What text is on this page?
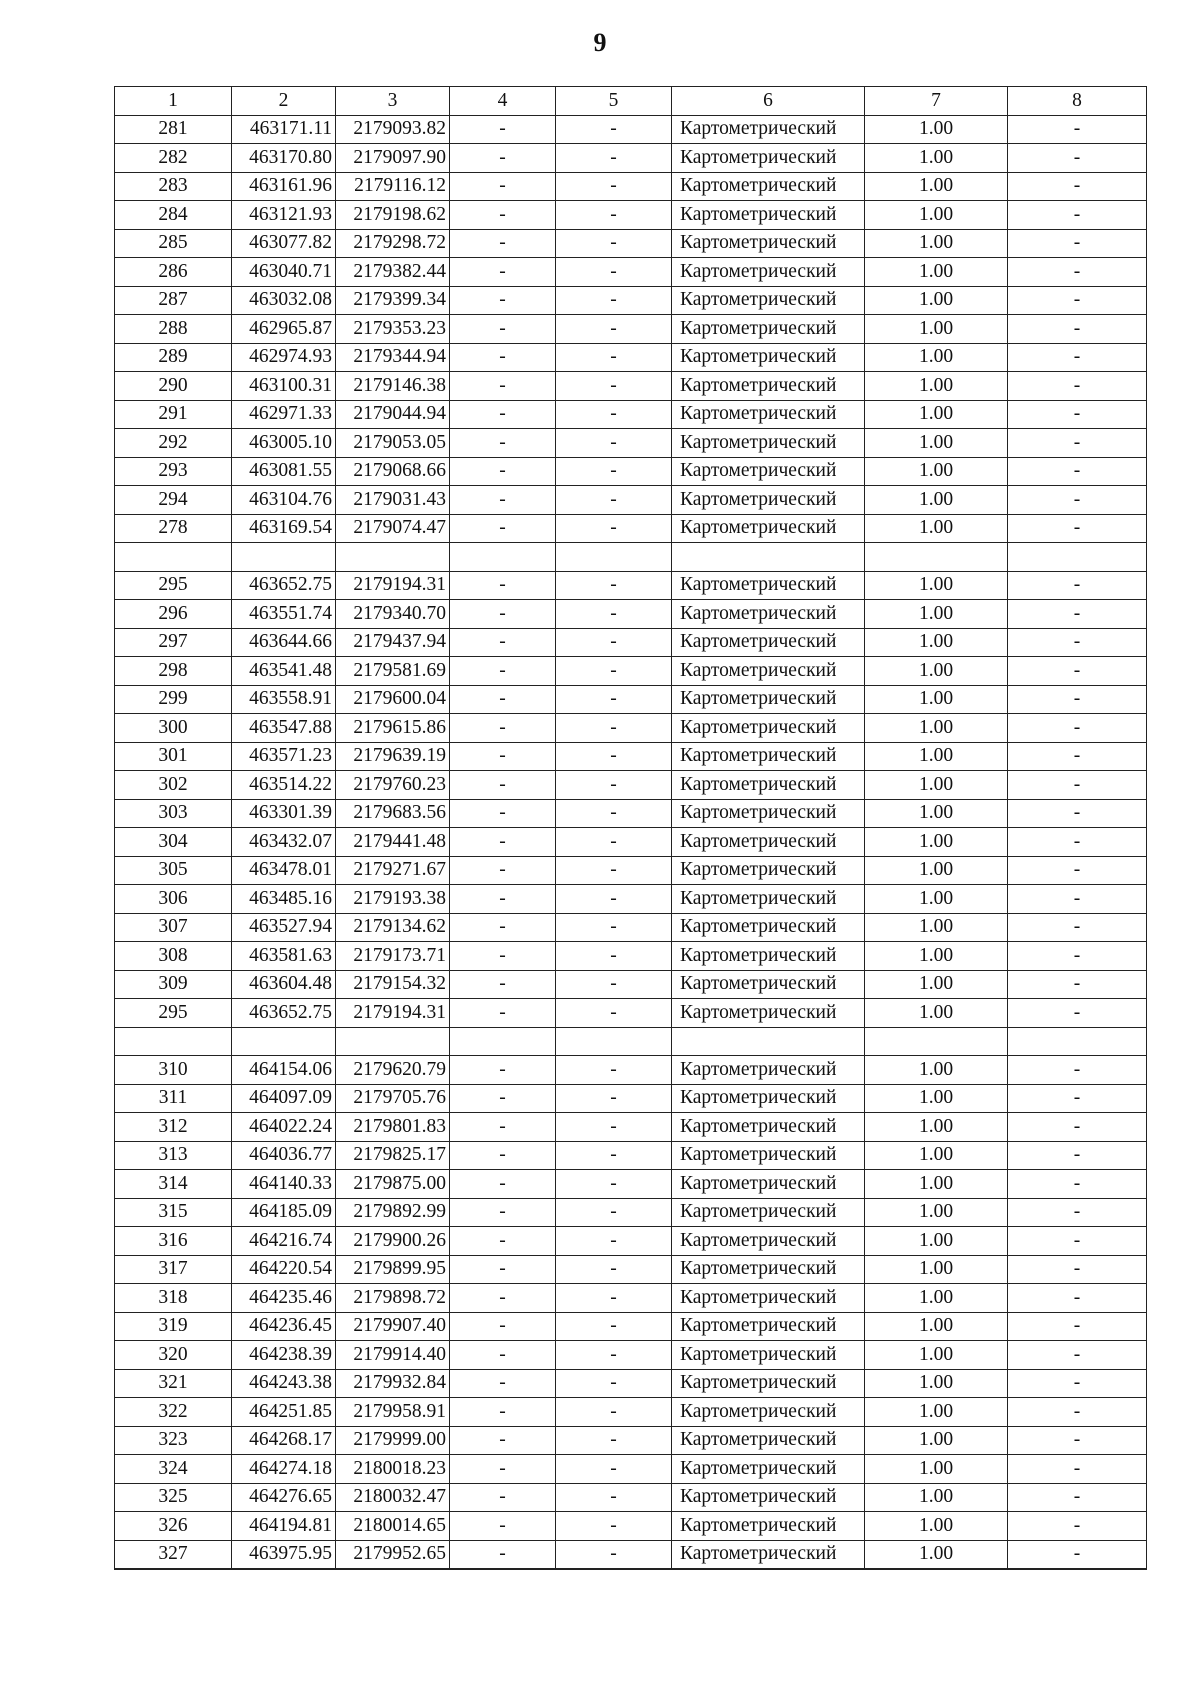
9
1	2	3	4	5	6	7	8
281	463171.11	2179093.82	-	-	Картометрический	1.00	-
282	463170.80	2179097.90	-	-	Картометрический	1.00	-
283	463161.96	2179116.12	-	-	Картометрический	1.00	-
284	463121.93	2179198.62	-	-	Картометрический	1.00	-
285	463077.82	2179298.72	-	-	Картометрический	1.00	-
286	463040.71	2179382.44	-	-	Картометрический	1.00	-
287	463032.08	2179399.34	-	-	Картометрический	1.00	-
288	462965.87	2179353.23	-	-	Картометрический	1.00	-
289	462974.93	2179344.94	-	-	Картометрический	1.00	-
290	463100.31	2179146.38	-	-	Картометрический	1.00	-
291	462971.33	2179044.94	-	-	Картометрический	1.00	-
292	463005.10	2179053.05	-	-	Картометрический	1.00	-
293	463081.55	2179068.66	-	-	Картометрический	1.00	-
294	463104.76	2179031.43	-	-	Картометрический	1.00	-
278	463169.54	2179074.47	-	-	Картометрический	1.00	-

295	463652.75	2179194.31	-	-	Картометрический	1.00	-
296	463551.74	2179340.70	-	-	Картометрический	1.00	-
297	463644.66	2179437.94	-	-	Картометрический	1.00	-
298	463541.48	2179581.69	-	-	Картометрический	1.00	-
299	463558.91	2179600.04	-	-	Картометрический	1.00	-
300	463547.88	2179615.86	-	-	Картометрический	1.00	-
301	463571.23	2179639.19	-	-	Картометрический	1.00	-
302	463514.22	2179760.23	-	-	Картометрический	1.00	-
303	463301.39	2179683.56	-	-	Картометрический	1.00	-
304	463432.07	2179441.48	-	-	Картометрический	1.00	-
305	463478.01	2179271.67	-	-	Картометрический	1.00	-
306	463485.16	2179193.38	-	-	Картометрический	1.00	-
307	463527.94	2179134.62	-	-	Картометрический	1.00	-
308	463581.63	2179173.71	-	-	Картометрический	1.00	-
309	463604.48	2179154.32	-	-	Картометрический	1.00	-
295	463652.75	2179194.31	-	-	Картометрический	1.00	-

310	464154.06	2179620.79	-	-	Картометрический	1.00	-
311	464097.09	2179705.76	-	-	Картометрический	1.00	-
312	464022.24	2179801.83	-	-	Картометрический	1.00	-
313	464036.77	2179825.17	-	-	Картометрический	1.00	-
314	464140.33	2179875.00	-	-	Картометрический	1.00	-
315	464185.09	2179892.99	-	-	Картометрический	1.00	-
316	464216.74	2179900.26	-	-	Картометрический	1.00	-
317	464220.54	2179899.95	-	-	Картометрический	1.00	-
318	464235.46	2179898.72	-	-	Картометрический	1.00	-
319	464236.45	2179907.40	-	-	Картометрический	1.00	-
320	464238.39	2179914.40	-	-	Картометрический	1.00	-
321	464243.38	2179932.84	-	-	Картометрический	1.00	-
322	464251.85	2179958.91	-	-	Картометрический	1.00	-
323	464268.17	2179999.00	-	-	Картометрический	1.00	-
324	464274.18	2180018.23	-	-	Картометрический	1.00	-
325	464276.65	2180032.47	-	-	Картометрический	1.00	-
326	464194.81	2180014.65	-	-	Картометрический	1.00	-
327	463975.95	2179952.65	-	-	Картометрический	1.00	-
